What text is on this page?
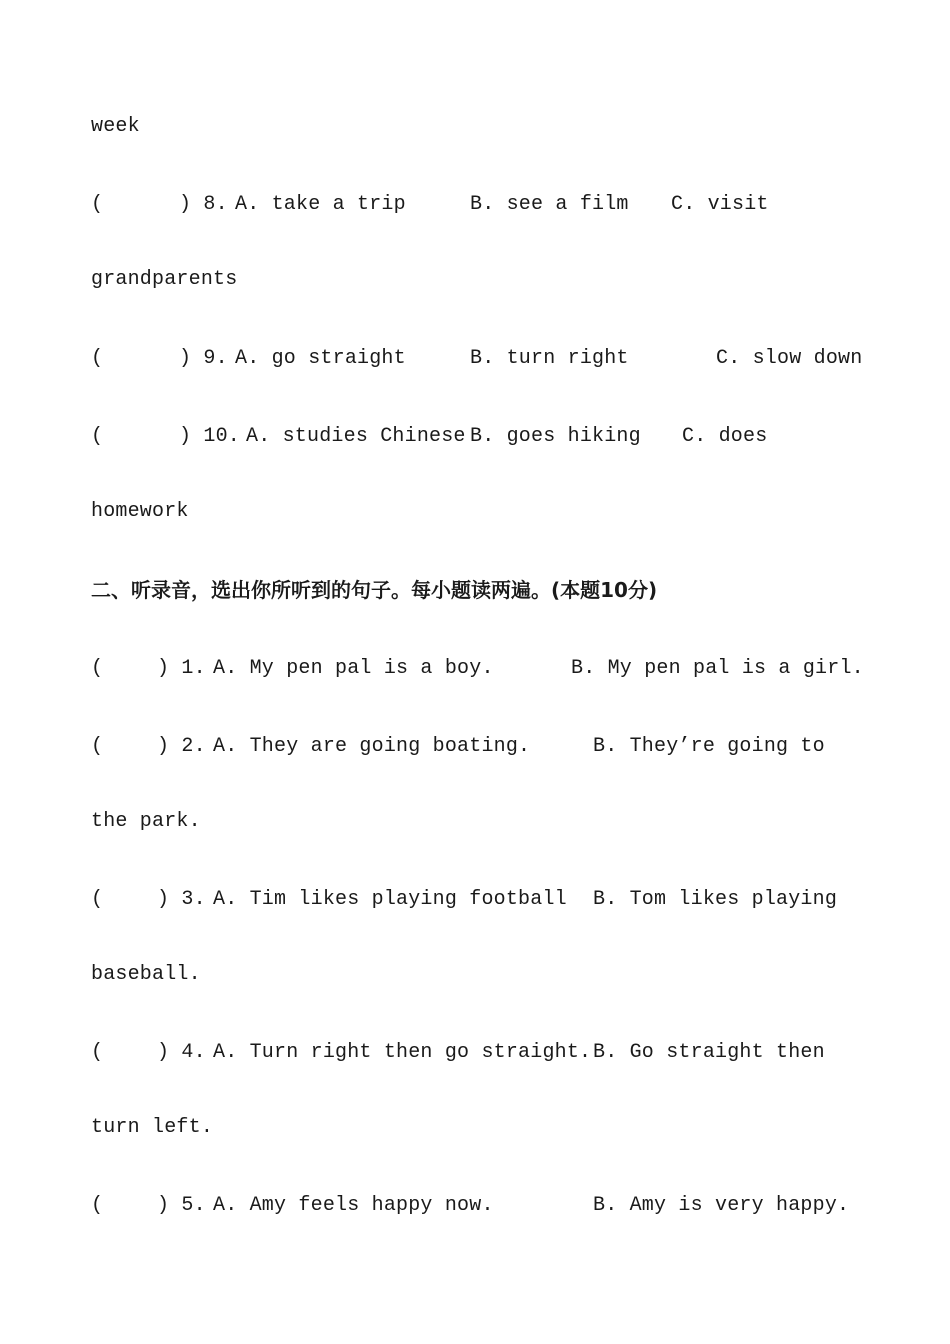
week

(

	) 8.

A. take a trip

	B. see a film

C. visit

grandparents

(

	) 9.

A. go straight

	B. turn right

	C. slow down

(

	) 10.

A. studies Chinese

B. goes hiking

C. does

homework
二、听录音，选出你所听到的句子。每小题读两遍。(本题10分)

(

	) 1.

A. My pen pal is a boy.

	B. My pen pal is a girl.

(

	) 2.

A. They are going boating.

	B. They’re going to

the park.

(

	) 3.

A. Tim likes playing football

B. Tom likes playing

baseball.

(

	) 4.

A. Turn right then go straight.

B. Go straight then

turn left.

(

	) 5.

A. Amy feels happy now.

	B. Amy is very happy.
